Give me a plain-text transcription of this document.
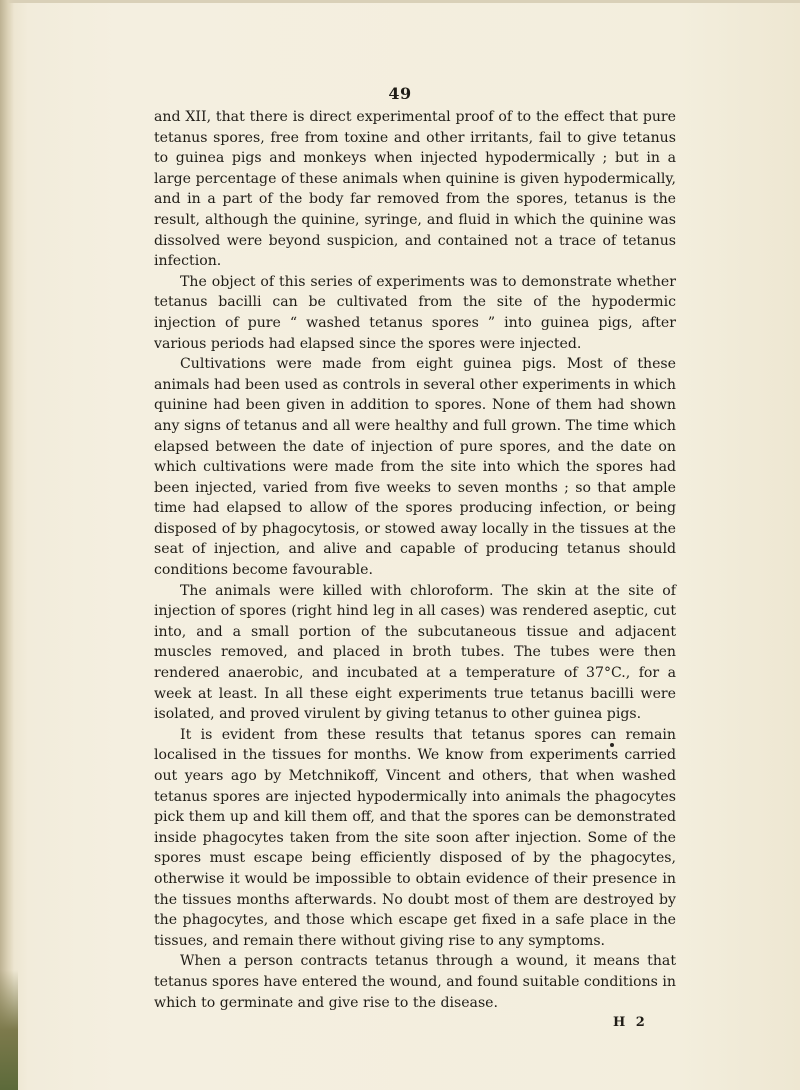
49

and XII, that there is direct experimental proof of to the effect that pure tetanus spores, free from toxine and other irritants, fail to give tetanus to guinea pigs and monkeys when injected hypodermically ; but in a large percentage of these animals when quinine is given hypodermically, and in a part of the body far removed from the spores, tetanus is the result, although the quinine, syringe, and fluid in which the quinine was dissolved were beyond suspicion, and contained not a trace of tetanus infection.

The object of this series of experiments was to demonstrate whether tetanus bacilli can be cultivated from the site of the hypodermic injection of pure “ washed tetanus spores ” into guinea pigs, after various periods had elapsed since the spores were injected.

Cultivations were made from eight guinea pigs. Most of these animals had been used as controls in several other experiments in which quinine had been given in addition to spores. None of them had shown any signs of tetanus and all were healthy and full grown. The time which elapsed between the date of injection of pure spores, and the date on which cultivations were made from the site into which the spores had been injected, varied from five weeks to seven months ; so that ample time had elapsed to allow of the spores producing infection, or being disposed of by phagocytosis, or stowed away locally in the tissues at the seat of injection, and alive and capable of producing tetanus should conditions become favourable.

The animals were killed with chloroform. The skin at the site of injection of spores (right hind leg in all cases) was rendered aseptic, cut into, and a small portion of the subcutaneous tissue and adjacent muscles removed, and placed in broth tubes. The tubes were then rendered anaerobic, and incubated at a temperature of 37°C., for a week at least. In all these eight experiments true tetanus bacilli were isolated, and proved virulent by giving tetanus to other guinea pigs.

It is evident from these results that tetanus spores can remain localised in the tissues for months. We know from experiments carried out years ago by Metchnikoff, Vincent and others, that when washed tetanus spores are injected hypodermically into animals the phagocytes pick them up and kill them off, and that the spores can be demonstrated inside phagocytes taken from the site soon after injection. Some of the spores must escape being efficiently disposed of by the phagocytes, otherwise it would be impossible to obtain evidence of their presence in the tissues months afterwards. No doubt most of them are destroyed by the phagocytes, and those which escape get fixed in a safe place in the tissues, and remain there without giving rise to any symptoms.

When a person contracts tetanus through a wound, it means that tetanus spores have entered the wound, and found suitable conditions in which to germinate and give rise to the disease.

H 2
